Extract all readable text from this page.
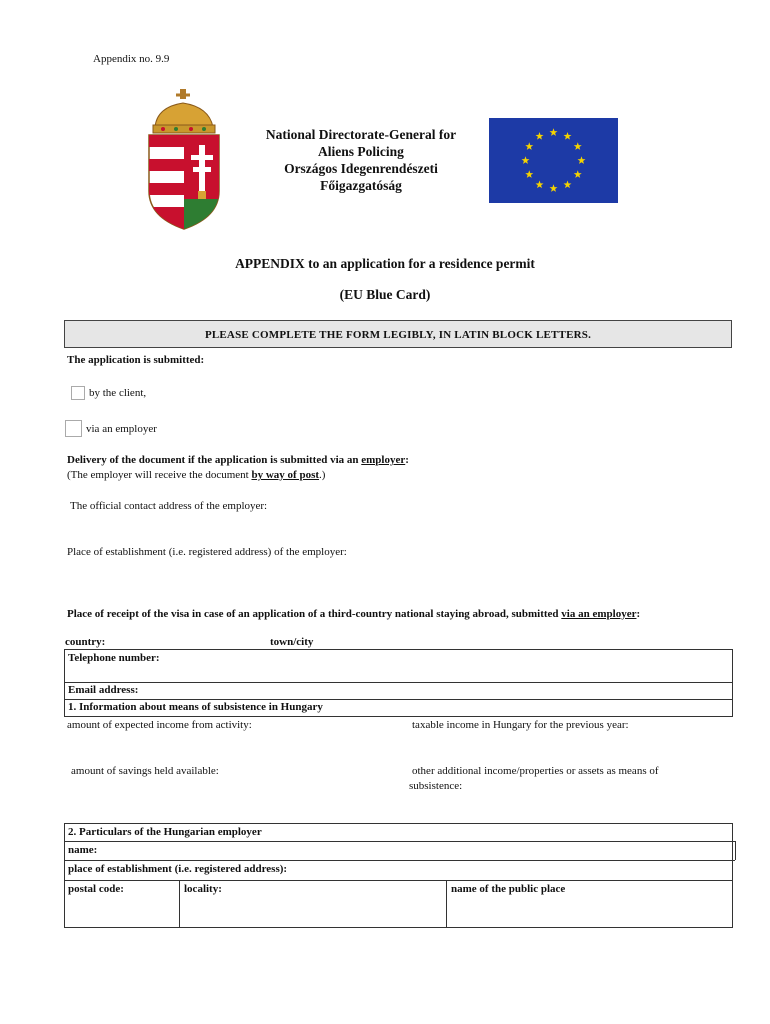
Appendix no. 9.9
National Directorate-General for
Aliens Policing
Országos Idegenrendészeti
Főigazgatóság
APPENDIX to an application for a residence permit
(EU Blue Card)
PLEASE COMPLETE THE FORM LEGIBLY, IN LATIN BLOCK LETTERS.
The application is submitted:
by the client,
via an employer
Delivery of the document if the application is submitted via an employer:
(The employer will receive the document by way of post.)
The official contact address of the employer:
Place of establishment (i.e. registered address) of the employer:
Place of receipt of the visa in case of an application of a third-country national staying abroad, submitted via an employer:
country:	town/city
Telephone number:
Email address:
1. Information about means of subsistence in Hungary
amount of expected income from activity:	taxable income in Hungary for the previous year:
amount of savings held available:	other additional income/properties or assets as means of
subsistence:
2. Particulars of the Hungarian employer
name:
place of establishment (i.e. registered address):
postal code:	locality:	name of the public place
